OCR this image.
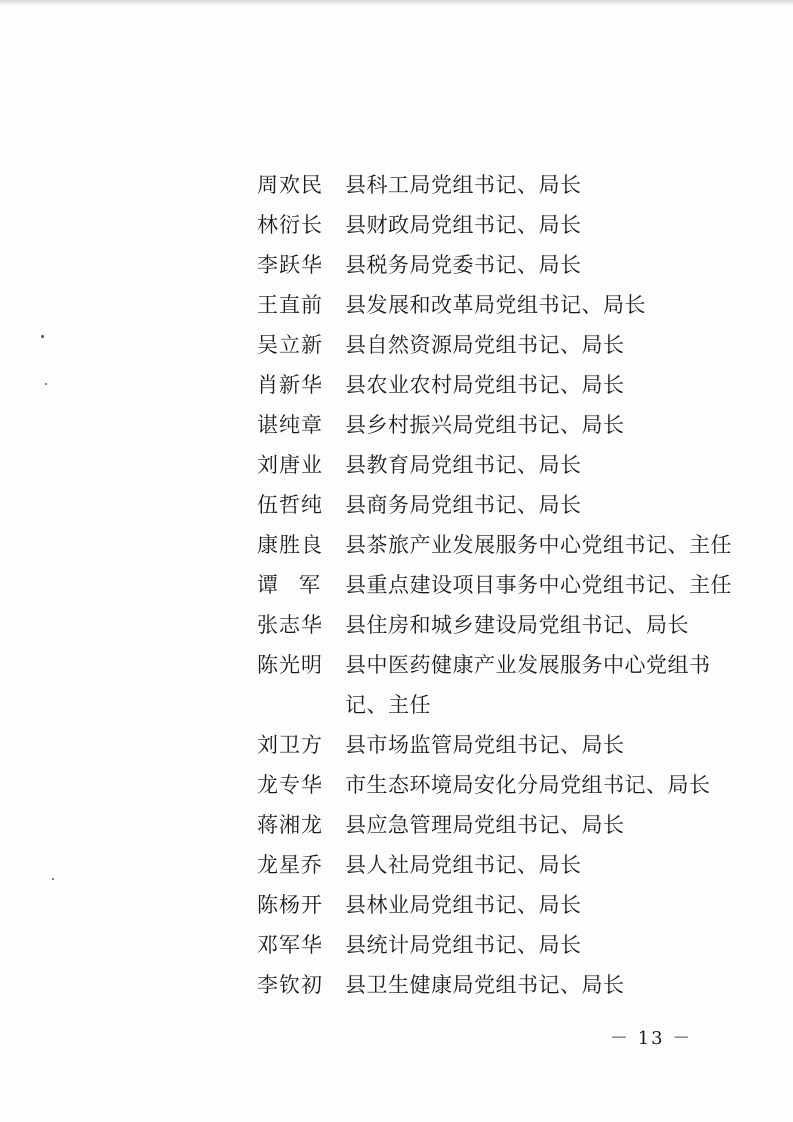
周欢民	县科工局党组书记、局长
林衍长	县财政局党组书记、局长
李跃华	县税务局党委书记、局长
王直前	县发展和改革局党组书记、局长
吴立新	县自然资源局党组书记、局长
肖新华	县农业农村局党组书记、局长
谌纯章	县乡村振兴局党组书记、局长
刘唐业	县教育局党组书记、局长
伍哲纯	县商务局党组书记、局长
康胜良	县茶旅产业发展服务中心党组书记、主任
谭　军	县重点建设项目事务中心党组书记、主任
张志华	县住房和城乡建设局党组书记、局长
陈光明	县中医药健康产业发展服务中心党组书记、主任
刘卫方	县市场监管局党组书记、局长
龙专华	市生态环境局安化分局党组书记、局长
蒋湘龙	县应急管理局党组书记、局长
龙星乔	县人社局党组书记、局长
陈杨开	县林业局党组书记、局长
邓军华	县统计局党组书记、局长
李钦初	县卫生健康局党组书记、局长
－ 13 －
